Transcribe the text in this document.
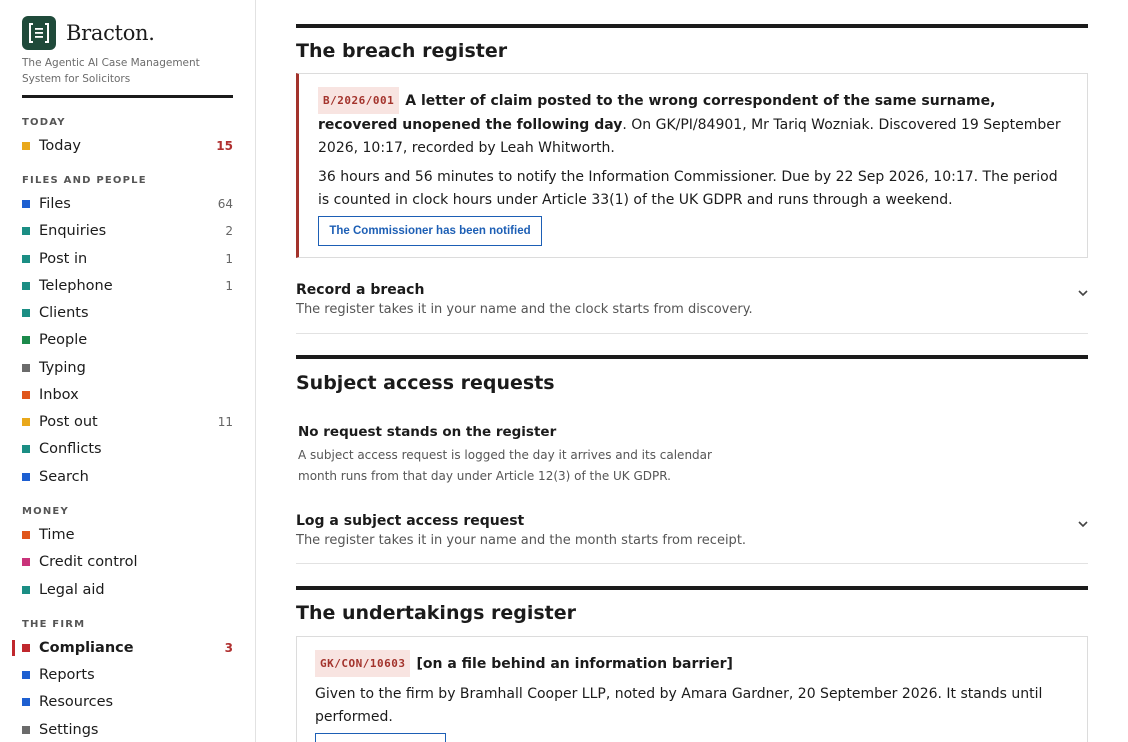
Bracton.
The Agentic AI Case Management System for Solicitors
TODAY
Today	15
FILES AND PEOPLE
Files	64
Enquiries	2
Post in	1
Telephone	1
Clients
People
Typing
Inbox
Post out	11
Conflicts
Search
MONEY
Time
Credit control
Legal aid
THE FIRM
Compliance	3
Reports
Resources
Settings
The breach register

B/2026/001 A letter of claim posted to the wrong correspondent of the same surname, recovered unopened the following day. On GK/PI/84901, Mr Tariq Wozniak. Discovered 19 September 2026, 10:17, recorded by Leah Whitworth.

36 hours and 56 minutes to notify the Information Commissioner. Due by 22 Sep 2026, 10:17. The period is counted in clock hours under Article 33(1) of the UK GDPR and runs through a weekend.

The Commissioner has been notified
Record a breach
The register takes it in your name and the clock starts from discovery.
Subject access requests
No request stands on the register
A subject access request is logged the day it arrives and its calendar month runs from that day under Article 12(3) of the UK GDPR.
Log a subject access request
The register takes it in your name and the month starts from receipt.
The undertakings register

GK/CON/10603 [on a file behind an information barrier]

Given to the firm by Bramhall Cooper LLP, noted by Amara Gardner, 20 September 2026. It stands until performed.
